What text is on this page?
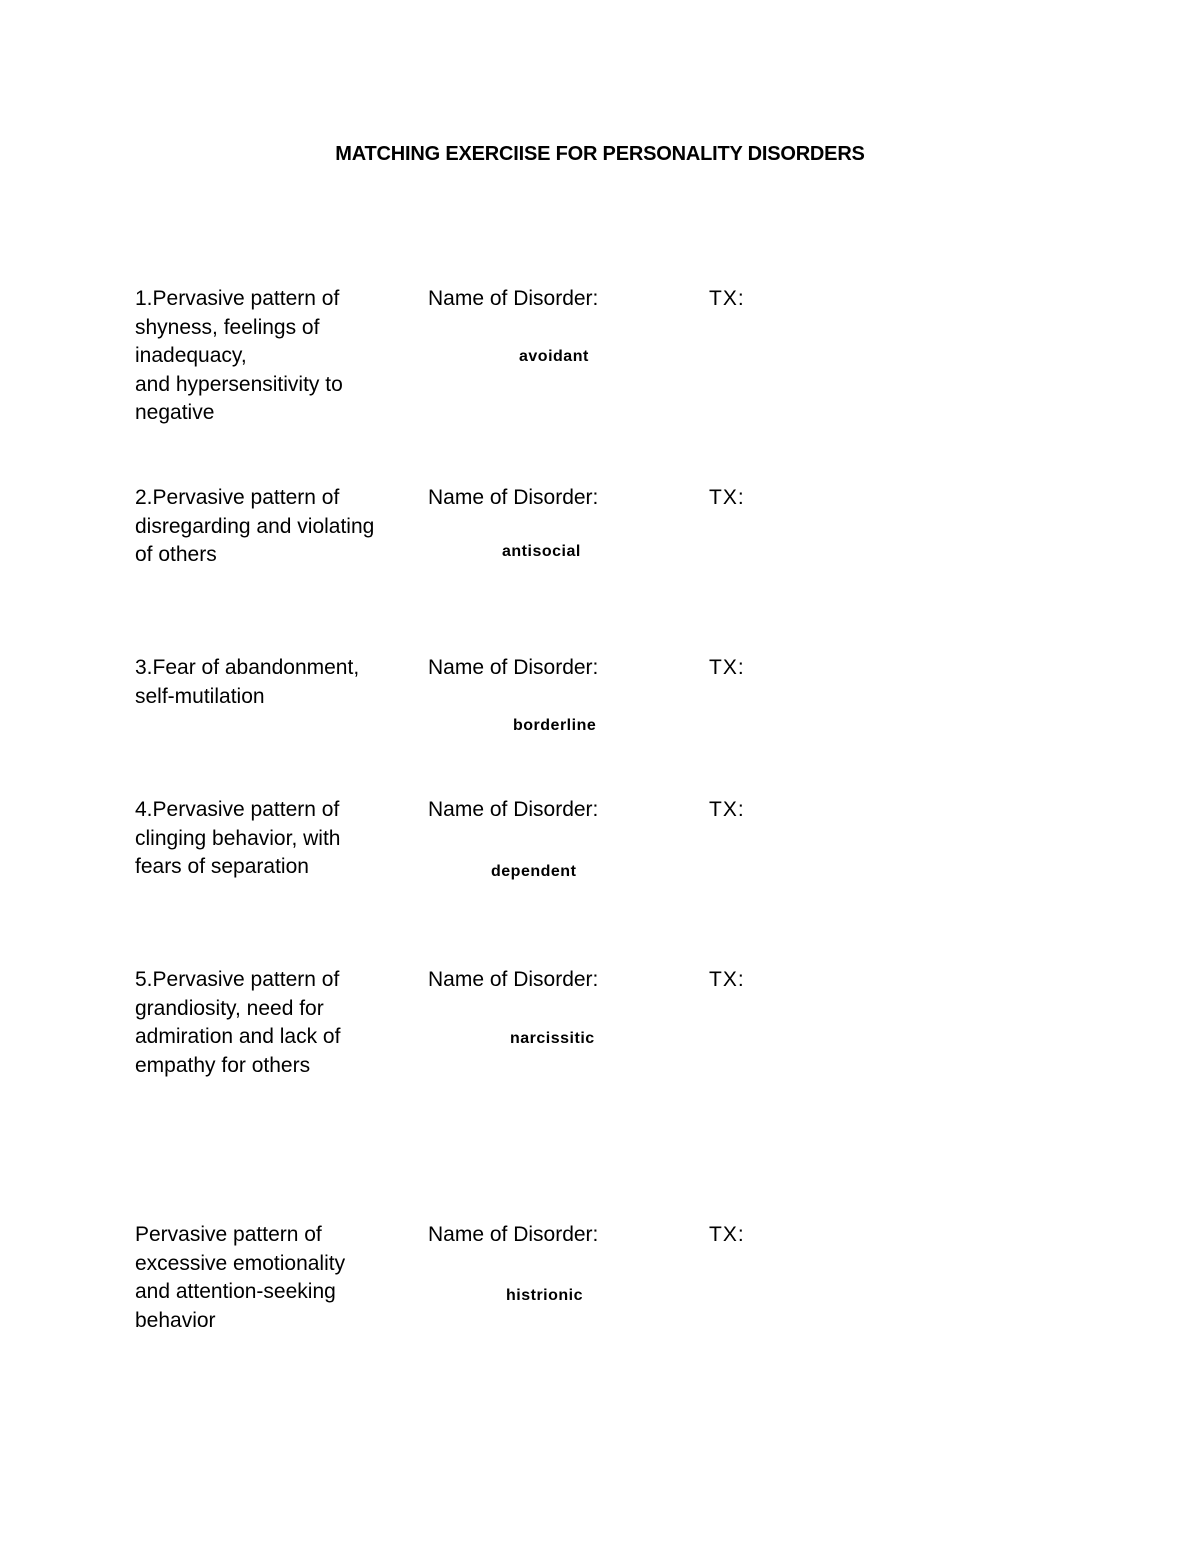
MATCHING EXERCIISE FOR PERSONALITY DISORDERS
1.Pervasive pattern of
shyness, feelings of
inadequacy,
and hypersensitivity to
negative
Name of Disorder:	TX:
avoidant
2.Pervasive pattern of
disregarding and violating
of others
Name of Disorder:	TX:
antisocial
3.Fear of abandonment,
self-mutilation
Name of Disorder:	TX:
borderline
4.Pervasive pattern of
clinging behavior, with
fears of separation
Name of Disorder:	TX:
dependent
5.Pervasive pattern of
grandiosity, need for
admiration and lack of
empathy for others
Name of Disorder:	TX:
narcissitic
Pervasive pattern of
excessive emotionality
and attention-seeking
behavior
Name of Disorder:	TX:
histrionic
